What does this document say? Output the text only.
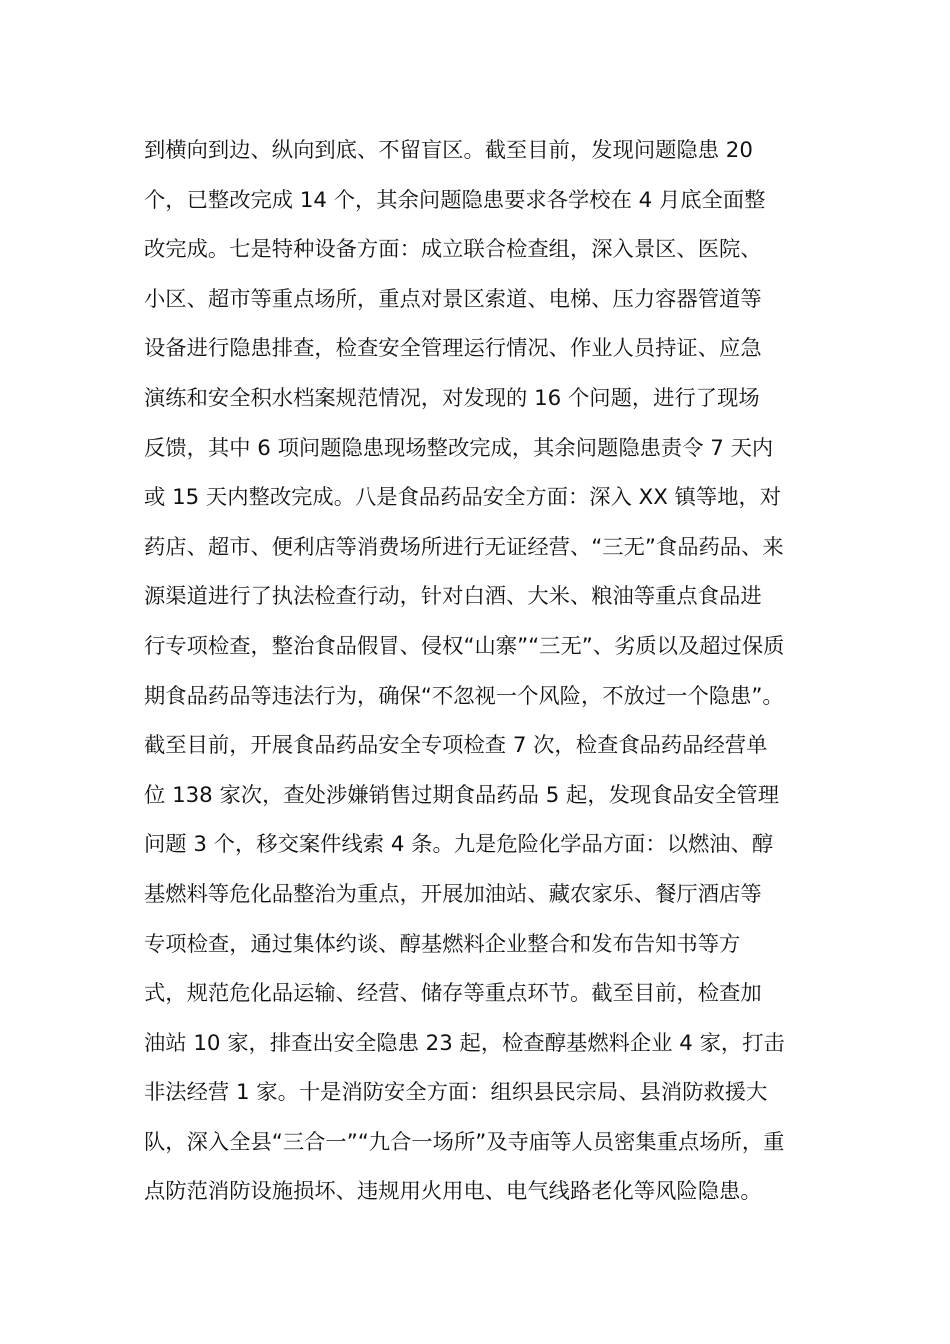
到横向到边、纵向到底、不留盲区。截至目前，发现问题隐患 20
个，已整改完成 14 个，其余问题隐患要求各学校在 4 月底全面整
改完成。七是特种设备方面：成立联合检查组，深入景区、医院、
小区、超市等重点场所，重点对景区索道、电梯、压力容器管道等
设备进行隐患排查，检查安全管理运行情况、作业人员持证、应急
演练和安全积水档案规范情况，对发现的 16 个问题，进行了现场
反馈，其中 6 项问题隐患现场整改完成，其余问题隐患责令 7 天内
或 15 天内整改完成。八是食品药品安全方面：深入 XX 镇等地，对
药店、超市、便利店等消费场所进行无证经营、“三无”食品药品、来
源渠道进行了执法检查行动，针对白酒、大米、粮油等重点食品进
行专项检查，整治食品假冒、侵权“山寨”“三无”、劣质以及超过保质
期食品药品等违法行为，确保“不忽视一个风险，不放过一个隐患”。
截至目前，开展食品药品安全专项检查 7 次，检查食品药品经营单
位 138 家次，查处涉嫌销售过期食品药品 5 起，发现食品安全管理
问题 3 个，移交案件线索 4 条。九是危险化学品方面：以燃油、醇
基燃料等危化品整治为重点，开展加油站、藏农家乐、餐厅酒店等
专项检查，通过集体约谈、醇基燃料企业整合和发布告知书等方
式，规范危化品运输、经营、储存等重点环节。截至目前，检查加
油站 10 家，排查出安全隐患 23 起，检查醇基燃料企业 4 家，打击
非法经营 1 家。十是消防安全方面：组织县民宗局、县消防救援大
队，深入全县“三合一”“九合一场所”及寺庙等人员密集重点场所，重
点防范消防设施损坏、违规用火用电、电气线路老化等风险隐患。
